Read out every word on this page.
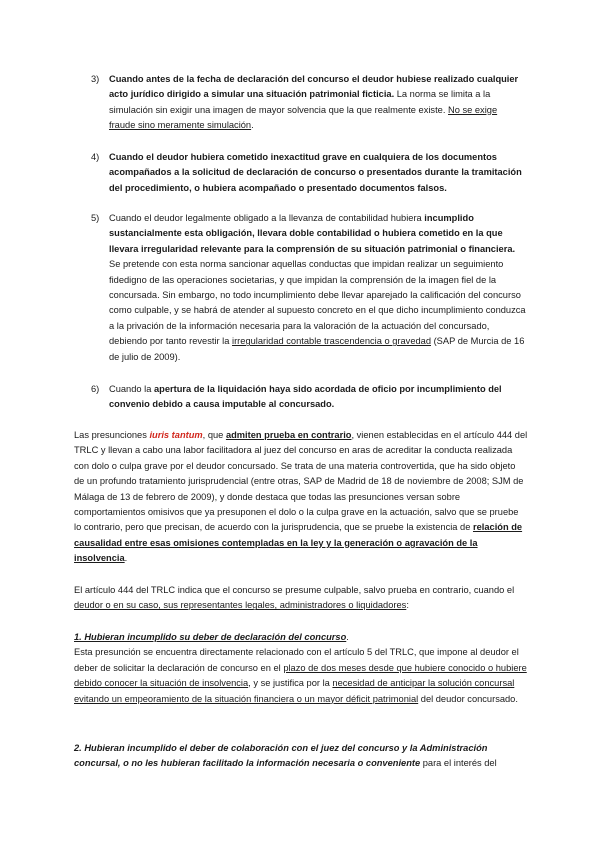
3)	Cuando antes de la fecha de declaración del concurso el deudor hubiese realizado cualquier acto jurídico dirigido a simular una situación patrimonial ficticia. La norma se limita a la simulación sin exigir una imagen de mayor solvencia que la que realmente existe. No se exige fraude sino meramente simulación.
4)	Cuando el deudor hubiera cometido inexactitud grave en cualquiera de los documentos acompañados a la solicitud de declaración de concurso o presentados durante la tramitación del procedimiento, o hubiera acompañado o presentado documentos falsos.
5)	Cuando el deudor legalmente obligado a la llevanza de contabilidad hubiera incumplido sustancialmente esta obligación, llevara doble contabilidad o hubiera cometido en la que llevara irregularidad relevante para la comprensión de su situación patrimonial o financiera. Se pretende con esta norma sancionar aquellas conductas que impidan realizar un seguimiento fidedigno de las operaciones societarias, y que impidan la comprensión de la imagen fiel de la concursada. Sin embargo, no todo incumplimiento debe llevar aparejado la calificación del concurso como culpable, y se habrá de atender al supuesto concreto en el que dicho incumplimiento conduzca a la privación de la información necesaria para la valoración de la actuación del concursado, debiendo por tanto revestir la irregularidad contable trascendencia o gravedad (SAP de Murcia de 16 de julio de 2009).
6)	Cuando la apertura de la liquidación haya sido acordada de oficio por incumplimiento del convenio debido a causa imputable al concursado.
Las presunciones iuris tantum, que admiten prueba en contrario, vienen establecidas en el artículo 444 del TRLC y llevan a cabo una labor facilitadora al juez del concurso en aras de acreditar la conducta realizada con dolo o culpa grave por el deudor concursado. Se trata de una materia controvertida, que ha sido objeto de un profundo tratamiento jurisprudencial (entre otras, SAP de Madrid de 18 de noviembre de 2008; SJM de Málaga de 13 de febrero de 2009), y donde destaca que todas las presunciones versan sobre comportamientos omisivos que ya presuponen el dolo o la culpa grave en la actuación, salvo que se pruebe lo contrario, pero que precisan, de acuerdo con la jurisprudencia, que se pruebe la existencia de relación de causalidad entre esas omisiones contempladas en la ley y la generación o agravación de la insolvencia.
El artículo 444 del TRLC indica que el concurso se presume culpable, salvo prueba en contrario, cuando el deudor o en su caso, sus representantes legales, administradores o liquidadores:
1. Hubieran incumplido su deber de declaración del concurso.
Esta presunción se encuentra directamente relacionado con el artículo 5 del TRLC, que impone al deudor el deber de solicitar la declaración de concurso en el plazo de dos meses desde que hubiere conocido o hubiere debido conocer la situación de insolvencia, y se justifica por la necesidad de anticipar la solución concursal evitando un empeoramiento de la situación financiera o un mayor déficit patrimonial del deudor concursado.
2. Hubieran incumplido el deber de colaboración con el juez del concurso y la Administración concursal, o no les hubieran facilitado la información necesaria o conveniente para el interés del
